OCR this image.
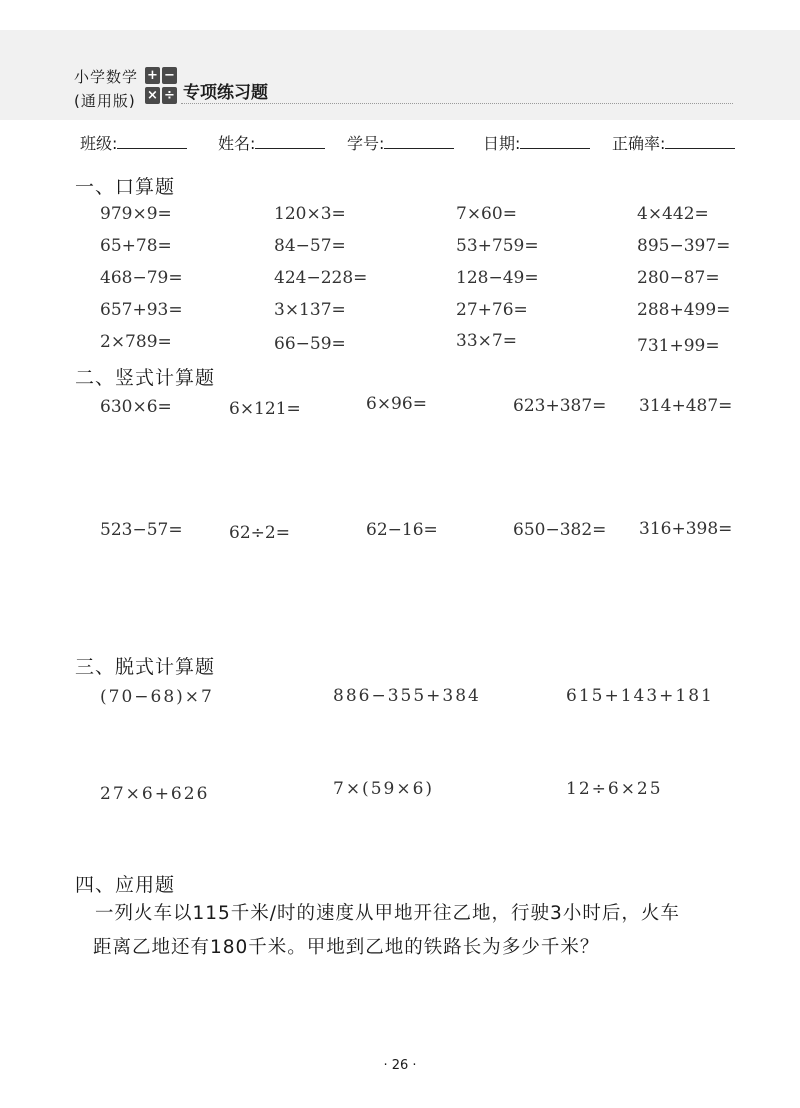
小学数学
(通用版)
+ −
× ÷ 专项练习题
班级:	姓名:	学号:	日期:	正确率:
一、口算题
979×9=	120×3=	7×60=	4×442=
65+78=	84−57=	53+759=	895−397=
468−79=	424−228=	128−49=	280−87=
657+93=	3×137=	27+76=	288+499=
2×789=	66−59=	33×7=	731+99=
二、竖式计算题
630×6=	6×121=	6×96=	623+387= 314+487=
523−57=	62÷2=	62−16=	650−382= 316+398=
三、脱式计算题
(70−68)×7	886−355+384	615+143+181
27×6+626	7×(59×6)	12÷6×25
四、应用题
一列火车以115千米/时的速度从甲地开往乙地，行驶3小时后，火车
距离乙地还有180千米。甲地到乙地的铁路长为多少千米？
· 26 ·
